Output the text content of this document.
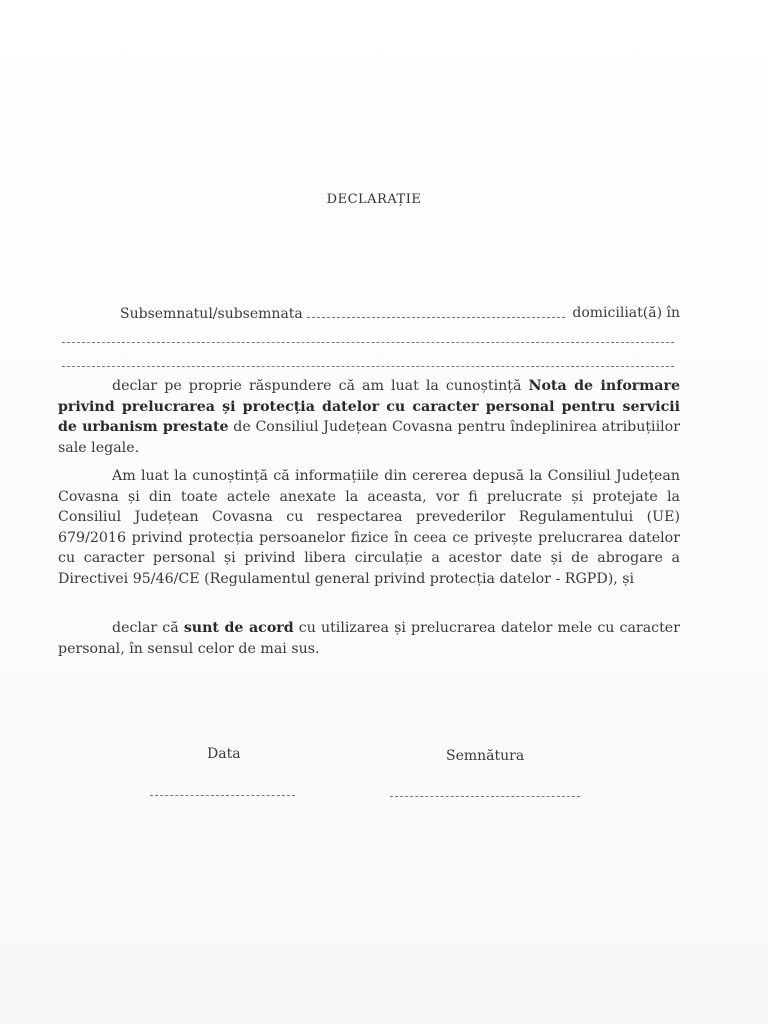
DECLARAȚIE
Subsemnatul/subsemnata	domiciliat(ă) în
declar pe proprie răspundere că am luat la cunoștință Nota de informare privind prelucrarea și protecția datelor cu caracter personal pentru servicii de urbanism prestate de Consiliul Județean Covasna pentru îndeplinirea atribuțiilor sale legale.
Am luat la cunoștință că informațiile din cererea depusă la Consiliul Județean Covasna și din toate actele anexate la aceasta, vor fi prelucrate și protejate la Consiliul Județean Covasna cu respectarea prevederilor Regulamentului (UE) 679/2016 privind protecția persoanelor fizice în ceea ce privește prelucrarea datelor cu caracter personal și privind libera circulație a acestor date și de abrogare a Directivei 95/46/CE (Regulamentul general privind protecția datelor - RGPD), și
declar că sunt de acord cu utilizarea și prelucrarea datelor mele cu caracter personal, în sensul celor de mai sus.
Data	Semnătura
